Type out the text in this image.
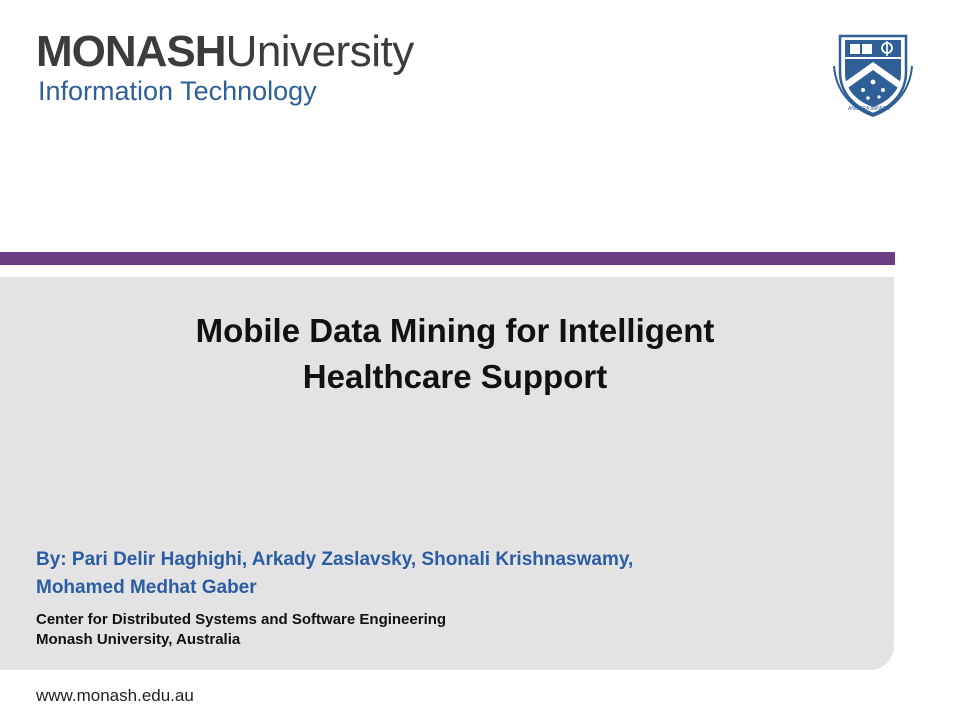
MONASHUniversity
Information Technology
ANCORA IMPARO
Mobile Data Mining for Intelligent
Healthcare Support
By: Pari Delir Haghighi, Arkady Zaslavsky, Shonali Krishnaswamy,
Mohamed Medhat Gaber
Center for Distributed Systems and Software Engineering
Monash University, Australia
www.monash.edu.au
